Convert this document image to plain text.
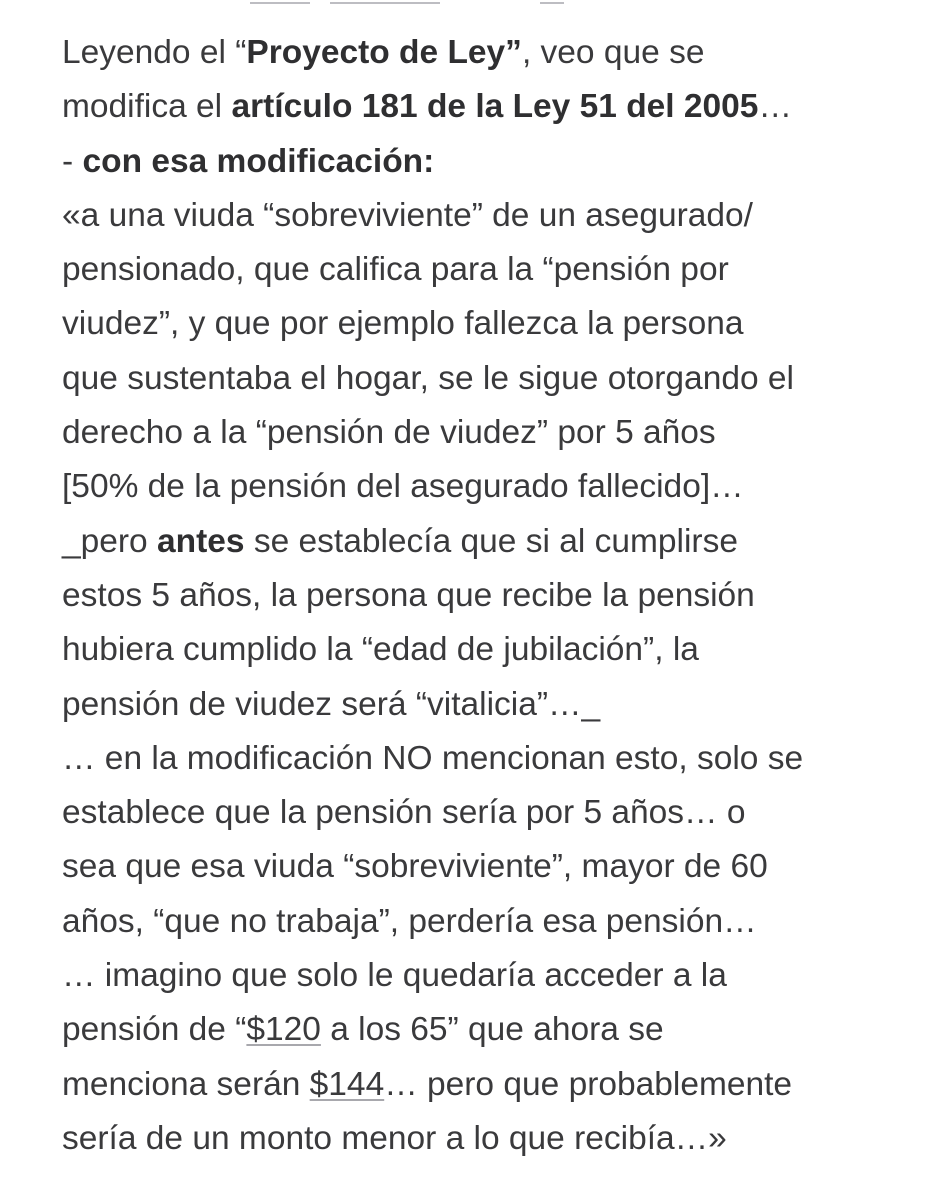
Leyendo el “Proyecto de Ley”, veo que se
modifica el artículo 181 de la Ley 51 del 2005…
- con esa modificación:
«a una viuda “sobreviviente” de un asegurado/
pensionado, que califica para la “pensión por
viudez”, y que por ejemplo fallezca la persona
que sustentaba el hogar, se le sigue otorgando el
derecho a la “pensión de viudez” por 5 años
[50% de la pensión del asegurado fallecido]…
_pero antes se establecía que si al cumplirse
estos 5 años, la persona que recibe la pensión
hubiera cumplido la “edad de jubilación”, la
pensión de viudez será “vitalicia”…_
… en la modificación NO mencionan esto, solo se
establece que la pensión sería por 5 años… o
sea que esa viuda “sobreviviente”, mayor de 60
años, “que no trabaja”, perdería esa pensión…
… imagino que solo le quedaría acceder a la
pensión de “$120 a los 65” que ahora se
menciona serán $144… pero que probablemente
sería de un monto menor a lo que recibía…»
